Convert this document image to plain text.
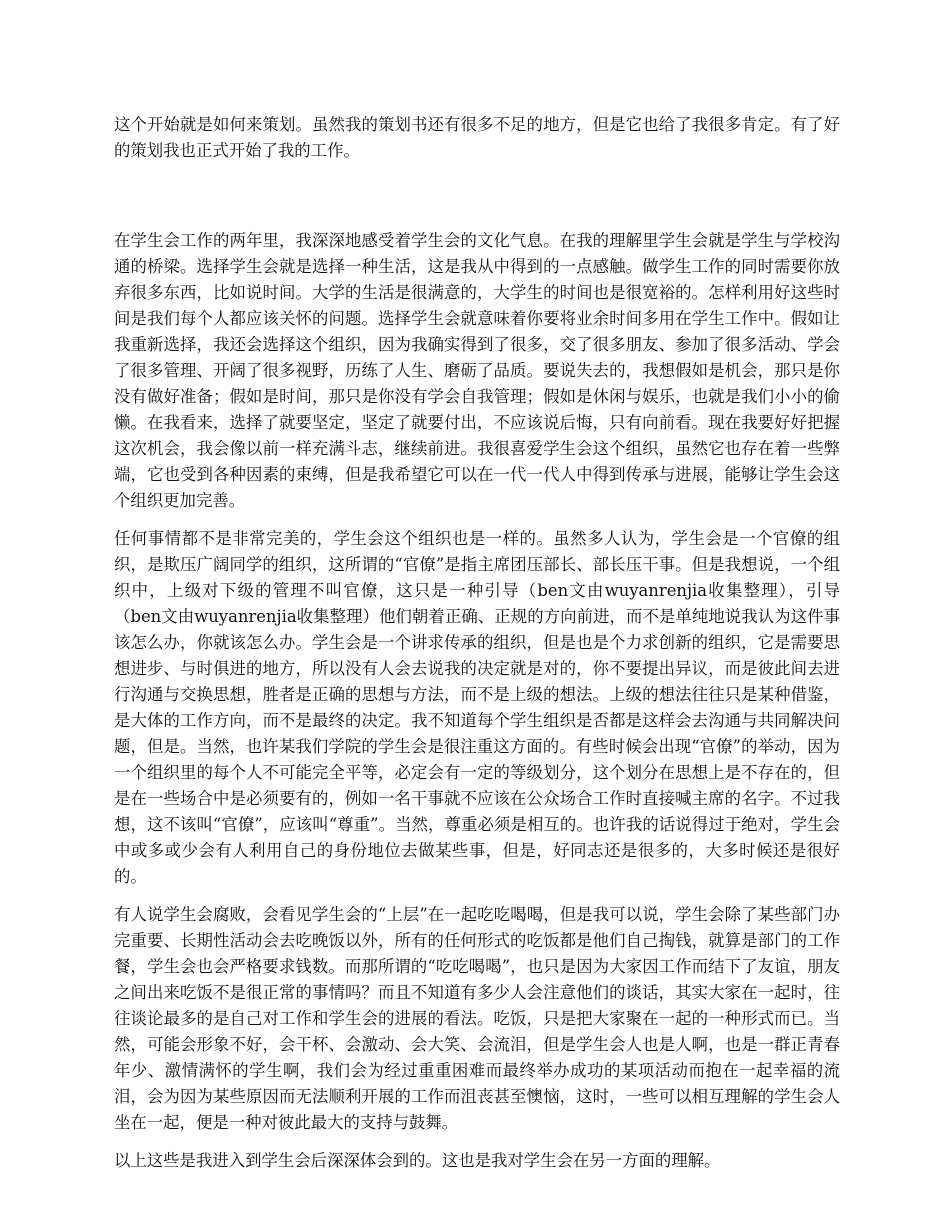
这个开始就是如何来策划。虽然我的策划书还有很多不足的地方，但是它也给了我很多肯定。有了好的策划我也正式开始了我的工作。

在学生会工作的两年里，我深深地感受着学生会的文化气息。在我的理解里学生会就是学生与学校沟通的桥梁。选择学生会就是选择一种生活，这是我从中得到的一点感触。做学生工作的同时需要你放弃很多东西，比如说时间。大学的生活是很满意的，大学生的时间也是很宽裕的。怎样利用好这些时间是我们每个人都应该关怀的问题。选择学生会就意味着你要将业余时间多用在学生工作中。假如让我重新选择，我还会选择这个组织，因为我确实得到了很多，交了很多朋友、参加了很多活动、学会了很多管理、开阔了很多视野，历练了人生、磨砺了品质。要说失去的，我想假如是机会，那只是你没有做好准备；假如是时间，那只是你没有学会自我管理；假如是休闲与娱乐，也就是我们小小的偷懒。在我看来，选择了就要坚定，坚定了就要付出，不应该说后悔，只有向前看。现在我要好好把握这次机会，我会像以前一样充满斗志，继续前进。我很喜爱学生会这个组织，虽然它也存在着一些弊端，它也受到各种因素的束缚，但是我希望它可以在一代一代人中得到传承与进展，能够让学生会这个组织更加完善。

任何事情都不是非常完美的，学生会这个组织也是一样的。虽然多人认为，学生会是一个官僚的组织，是欺压广阔同学的组织，这所谓的“官僚”是指主席团压部长、部长压干事。但是我想说，一个组织中，上级对下级的管理不叫官僚，这只是一种引导（ben文由wuyanrenjia收集整理），引导（ben文由wuyanrenjia收集整理）他们朝着正确、正规的方向前进，而不是单纯地说我认为这件事该怎么办，你就该怎么办。学生会是一个讲求传承的组织，但是也是个力求创新的组织，它是需要思想进步、与时俱进的地方，所以没有人会去说我的决定就是对的，你不要提出异议，而是彼此间去进行沟通与交换思想，胜者是正确的思想与方法，而不是上级的想法。上级的想法往往只是某种借鉴，是大体的工作方向，而不是最终的决定。我不知道每个学生组织是否都是这样会去沟通与共同解决问题，但是。当然，也许某我们学院的学生会是很注重这方面的。有些时候会出现“官僚”的举动，因为一个组织里的每个人不可能完全平等，必定会有一定的等级划分，这个划分在思想上是不存在的，但是在一些场合中是必须要有的，例如一名干事就不应该在公众场合工作时直接喊主席的名字。不过我想，这不该叫“官僚”，应该叫“尊重”。当然，尊重必须是相互的。也许我的话说得过于绝对，学生会中或多或少会有人利用自己的身份地位去做某些事，但是，好同志还是很多的，大多时候还是很好的。

有人说学生会腐败，会看见学生会的“上层”在一起吃吃喝喝，但是我可以说，学生会除了某些部门办完重要、长期性活动会去吃晚饭以外，所有的任何形式的吃饭都是他们自己掏钱，就算是部门的工作餐，学生会也会严格要求钱数。而那所谓的“吃吃喝喝”，也只是因为大家因工作而结下了友谊，朋友之间出来吃饭不是很正常的事情吗？而且不知道有多少人会注意他们的谈话，其实大家在一起时，往往谈论最多的是自己对工作和学生会的进展的看法。吃饭，只是把大家聚在一起的一种形式而已。当然，可能会形象不好，会干杯、会激动、会大笑、会流泪，但是学生会人也是人啊，也是一群正青春年少、激情满怀的学生啊，我们会为经过重重困难而最终举办成功的某项活动而抱在一起幸福的流泪，会为因为某些原因而无法顺利开展的工作而沮丧甚至懊恼，这时，一些可以相互理解的学生会人坐在一起，便是一种对彼此最大的支持与鼓舞。

以上这些是我进入到学生会后深深体会到的。这也是我对学生会在另一方面的理解。
